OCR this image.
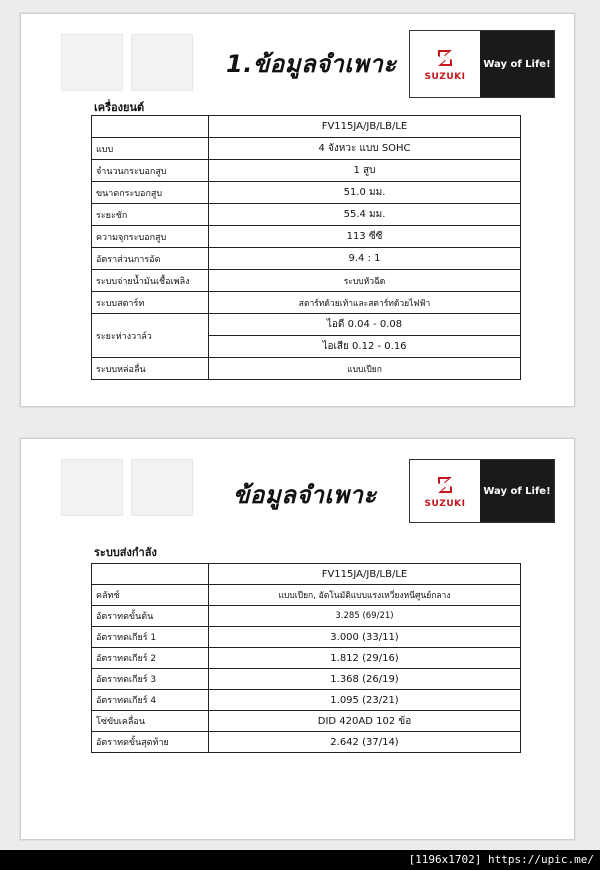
1.ข้อมูลจำเพาะ	SUZUKI
Way of Life!
เครื่องยนต์
	FV115JA/JB/LB/LE
แบบ	4 จังหวะ แบบ SOHC
จำนวนกระบอกสูบ	1 สูบ
ขนาดกระบอกสูบ	51.0 มม.
ระยะชัก	55.4 มม.
ความจุกระบอกสูบ	113 ซีซี
อัตราส่วนการอัด	9.4 : 1
ระบบจ่ายน้ำมันเชื้อเพลิง	ระบบหัวฉีด
ระบบสตาร์ท	สตาร์ทด้วยเท้าและสตาร์ทด้วยไฟฟ้า
ระยะห่างวาล์ว	ไอดี 0.04 - 0.08
	ไอเสีย 0.12 - 0.16
ระบบหล่อลื่น	แบบเปียก
ข้อมูลจำเพาะ	SUZUKI
Way of Life!
ระบบส่งกำลัง
	FV115JA/JB/LB/LE
คลัทช์	แบบเปียก, อัตโนมัติแบบแรงเหวี่ยงหนีศูนย์กลาง
อัตราทดขั้นต้น	3.285 (69/21)
อัตราทดเกียร์ 1	3.000 (33/11)
อัตราทดเกียร์ 2	1.812 (29/16)
อัตราทดเกียร์ 3	1.368 (26/19)
อัตราทดเกียร์ 4	1.095 (23/21)
โซ่ขับเคลื่อน	DID 420AD 102 ข้อ
อัตราทดขั้นสุดท้าย	2.642 (37/14)
[1196x1702] https://upic.me/
